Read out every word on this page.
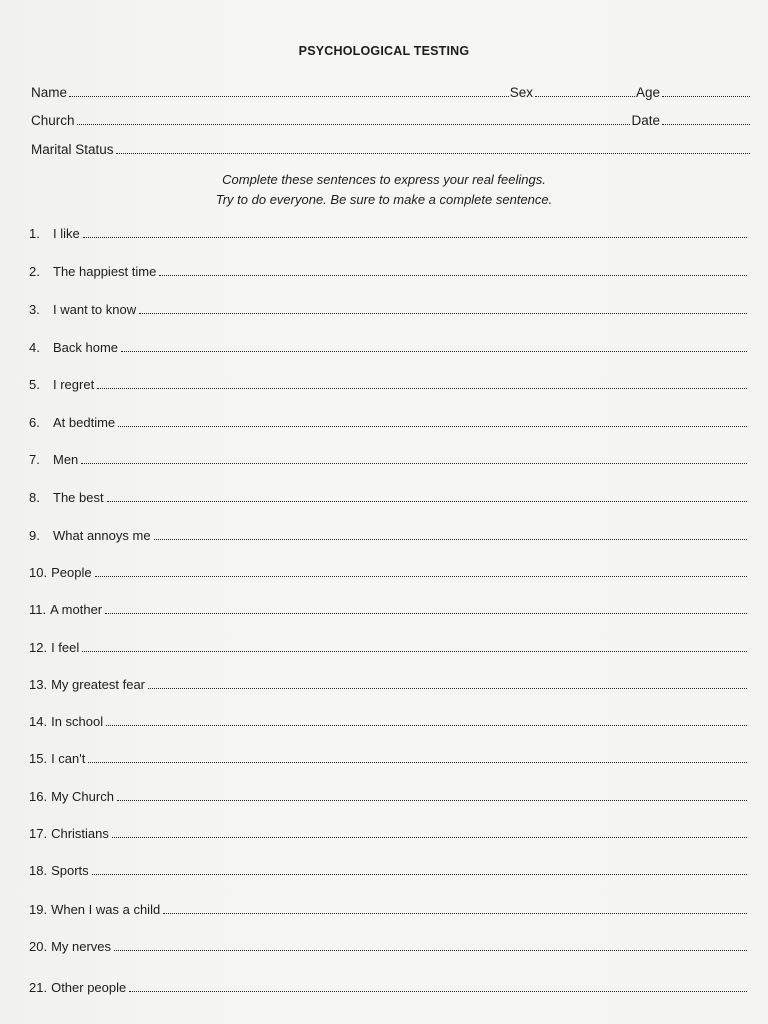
PSYCHOLOGICAL TESTING
Name	Sex	Age
Church	Date
Marital Status
Complete these sentences to express your real feelings.
Try to do everyone. Be sure to make a complete sentence.
1.	I like
2.	The happiest time
3.	I want to know
4.	Back home
5.	I regret
6.	At bedtime
7.	Men
8.	The best
9.	What annoys me
10. People
11. A mother
12. I feel
13. My greatest fear
14. In school
15. I can't
16. My Church
17. Christians
18. Sports
19. When I was a child
20. My nerves
21. Other people
